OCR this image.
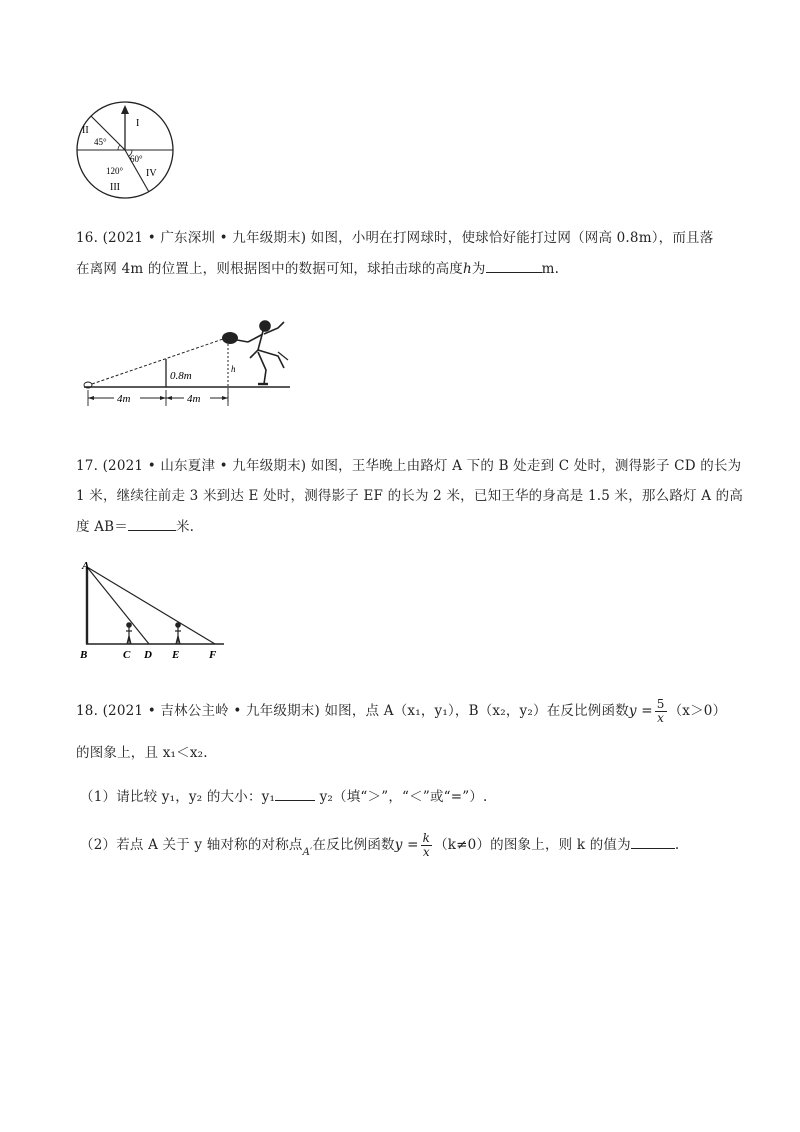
II
I
45°
60°
120° IV
III
16. (2021 • 广东深圳 • 九年级期末) 如图，小明在打网球时，使球恰好能打过网（网高 0.8m），而且落
在离网 4m 的位置上，则根据图中的数据可知，球拍击球的高度h为	m.
0.8m
h
4m	4m
17. (2021 • 山东夏津 • 九年级期末) 如图，王华晚上由路灯 A 下的 B 处走到 C 处时，测得影子 CD 的长为
1 米，继续往前走 3 米到达 E 处时，测得影子 EF 的长为 2 米，已知王华的身高是 1.5 米，那么路灯 A 的高
度 AB＝	米.
A
B	C D E	F
18. (2021 • 吉林公主岭 • 九年级期末) 如图，点 A（x₁，y₁），B（x₂，y₂）在反比例函数$y = \frac{5}{x} (x>0)$
的图象上，且 x₁＜x₂.
（1）请比较 y₁，y₂ 的大小：y₁	y₂（填“＞”，“＜”或“=”）.
（2）若点 A 关于 y 轴对称的对称点$_{A'}$在反比例函数$y = \frac{k}{x} (k\ne 0)$的图象上，则 k 的值为	.
